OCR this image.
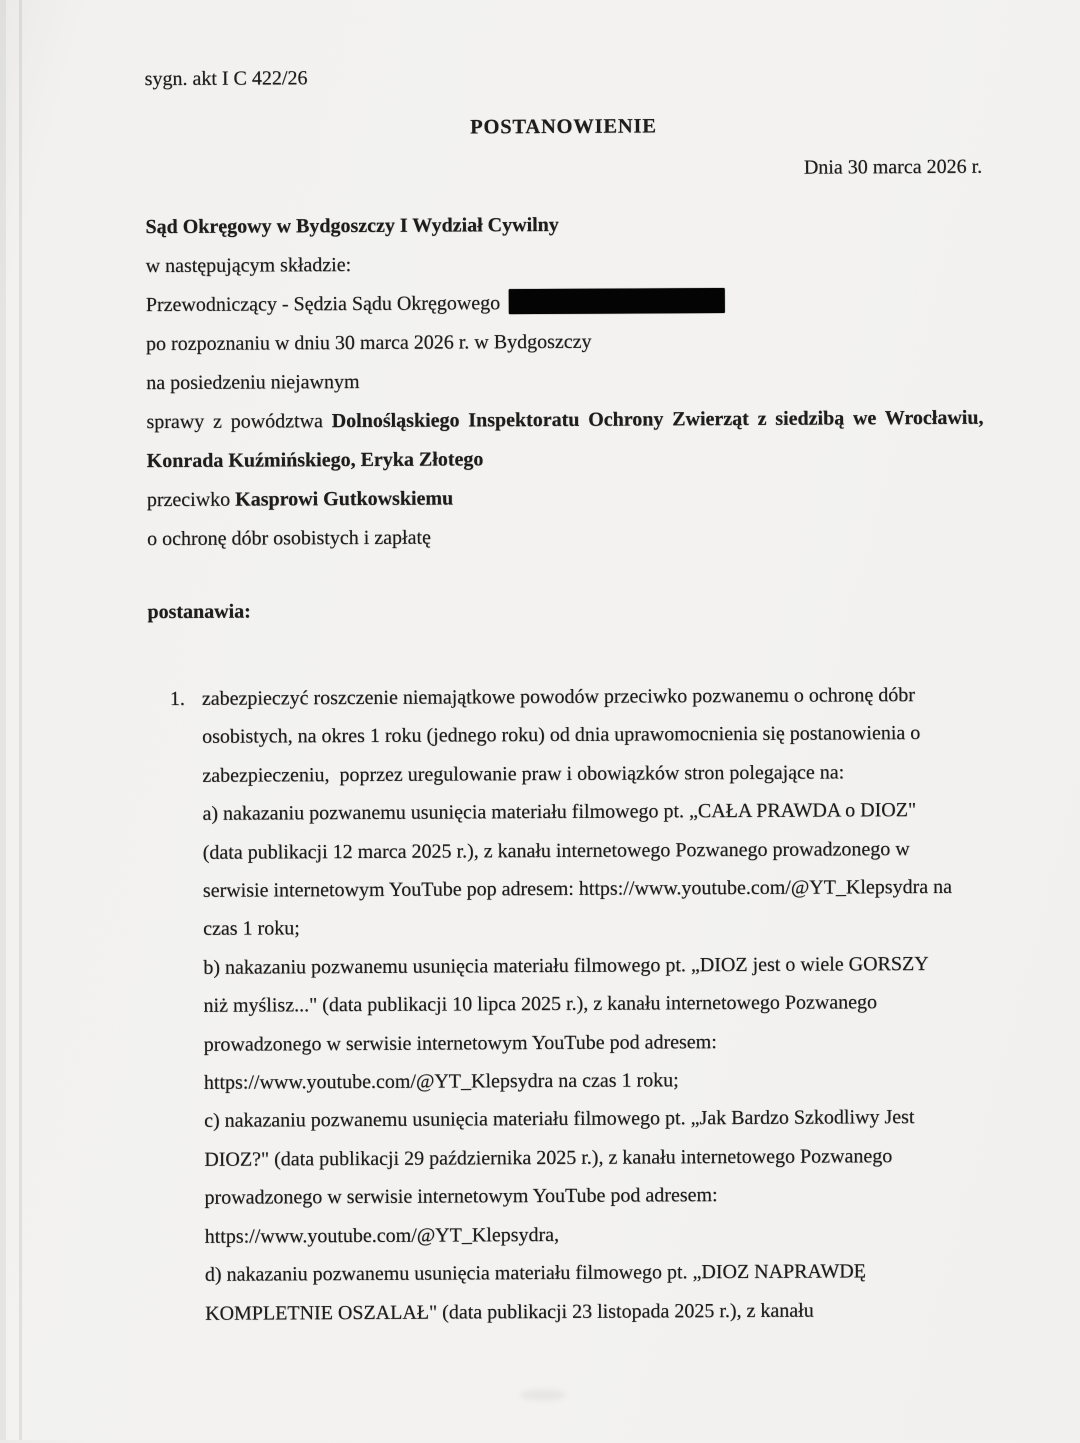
sygn. akt I C 422/26
POSTANOWIENIE
Dnia 30 marca 2026 r.

Sąd Okręgowy w Bydgoszczy I Wydział Cywilny

w następującym składzie:

Przewodniczący - Sędzia Sądu Okręgowego

po rozpoznaniu w dniu 30 marca 2026 r. w Bydgoszczy

na posiedzeniu niejawnym

sprawy z powództwa Dolnośląskiego Inspektoratu Ochrony Zwierząt z siedzibą we Wrocławiu, Konrada Kuźmińskiego, Eryka Złotego

przeciwko Kasprowi Gutkowskiemu

o ochronę dóbr osobistych i zapłatę

postanawia:
1. zabezpieczyć roszczenie niemajątkowe powodów przeciwko pozwanemu o ochronę dóbr osobistych, na okres 1 roku (jednego roku) od dnia uprawomocnienia się postanowienia o zabezpieczeniu,  poprzez uregulowanie praw i obowiązków stron polegające na:

a) nakazaniu pozwanemu usunięcia materiału filmowego pt. „CAŁA PRAWDA o DIOZ" (data publikacji 12 marca 2025 r.), z kanału internetowego Pozwanego prowadzonego w serwisie internetowym YouTube pop adresem: https://www.youtube.com/@YT_Klepsydra na czas 1 roku;

b) nakazaniu pozwanemu usunięcia materiału filmowego pt. „DIOZ jest o wiele GORSZY niż myślisz..." (data publikacji 10 lipca 2025 r.), z kanału internetowego Pozwanego prowadzonego w serwisie internetowym YouTube pod adresem: https://www.youtube.com/@YT_Klepsydra na czas 1 roku;

c) nakazaniu pozwanemu usunięcia materiału filmowego pt. „Jak Bardzo Szkodliwy Jest DIOZ?" (data publikacji 29 października 2025 r.), z kanału internetowego Pozwanego prowadzonego w serwisie internetowym YouTube pod adresem: https://www.youtube.com/@YT_Klepsydra,

d) nakazaniu pozwanemu usunięcia materiału filmowego pt. „DIOZ NAPRAWDĘ KOMPLETNIE OSZALAŁ" (data publikacji 23 listopada 2025 r.), z kanału
